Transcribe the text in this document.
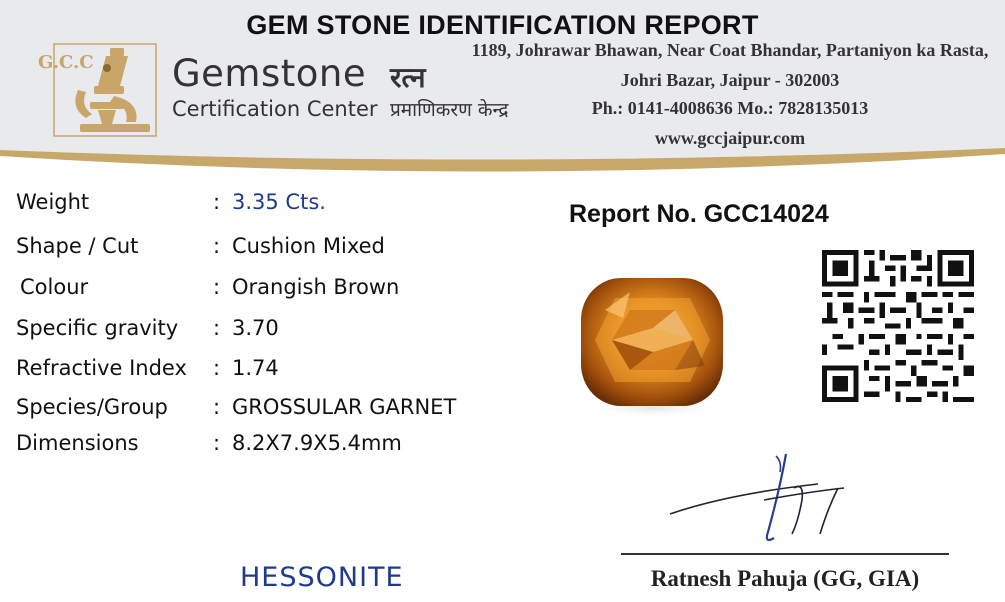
GEM STONE IDENTIFICATION REPORT
G.C.C Gemstone
Certification Center
रत्न
प्रमाणिकरण केन्द्र
1189, Johrawar Bhawan, Near Coat Bhandar, Partaniyon ka Rasta,
Johri Bazar, Jaipur - 302003
Ph.: 0141-4008636 Mo.: 7828135013
www.gccjaipur.com
Weight	: 3.35 Cts.
Shape / Cut	: Cushion Mixed
Colour	: Orangish Brown
Specific gravity : 3.70
Refractive Index : 1.74
Species/Group : GROSSULAR GARNET
Dimensions	: 8.2X7.9X5.4mm
Report No. GCC14024
Ratnesh Pahuja (GG, GIA)
HESSONITE
